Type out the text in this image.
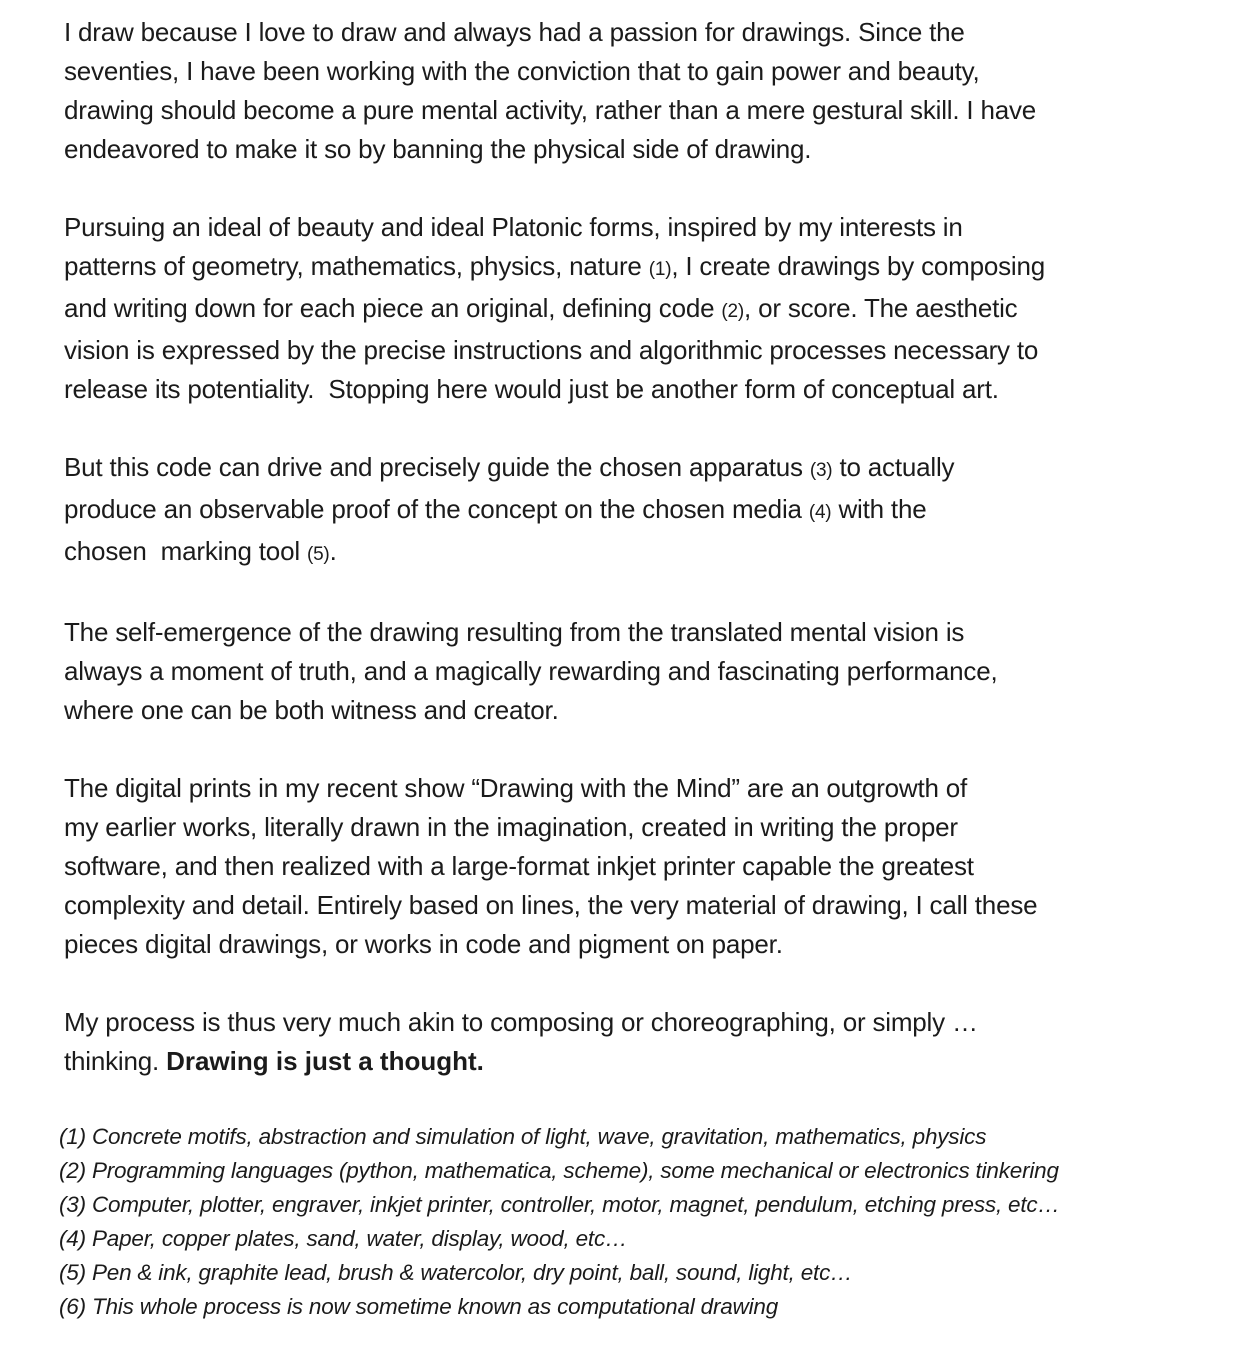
I draw because I love to draw and always had a passion for drawings. Since the
seventies, I have been working with the conviction that to gain power and beauty,
drawing should become a pure mental activity, rather than a mere gestural skill. I have
endeavored to make it so by banning the physical side of drawing.

Pursuing an ideal of beauty and ideal Platonic forms, inspired by my interests in
patterns of geometry, mathematics, physics, nature (1), I create drawings by composing
and writing down for each piece an original, defining code (2), or score. The aesthetic
vision is expressed by the precise instructions and algorithmic processes necessary to
release its potentiality.  Stopping here would just be another form of conceptual art.

But this code can drive and precisely guide the chosen apparatus (3) to actually
produce an observable proof of the concept on the chosen media (4) with the
chosen  marking tool (5).

The self-emergence of the drawing resulting from the translated mental vision is
always a moment of truth, and a magically rewarding and fascinating performance,
where one can be both witness and creator.

The digital prints in my recent show “Drawing with the Mind” are an outgrowth of
my earlier works, literally drawn in the imagination, created in writing the proper
software, and then realized with a large-format inkjet printer capable the greatest
complexity and detail. Entirely based on lines, the very material of drawing, I call these
pieces digital drawings, or works in code and pigment on paper.

My process is thus very much akin to composing or choreographing, or simply …
thinking. Drawing is just a thought.

(1) Concrete motifs, abstraction and simulation of light, wave, gravitation, mathematics, physics
(2) Programming languages (python, mathematica, scheme), some mechanical or electronics tinkering
(3) Computer, plotter, engraver, inkjet printer, controller, motor, magnet, pendulum, etching press, etc…
(4) Paper, copper plates, sand, water, display, wood, etc…
(5) Pen & ink, graphite lead, brush & watercolor, dry point, ball, sound, light, etc…
(6) This whole process is now sometime known as computational drawing
